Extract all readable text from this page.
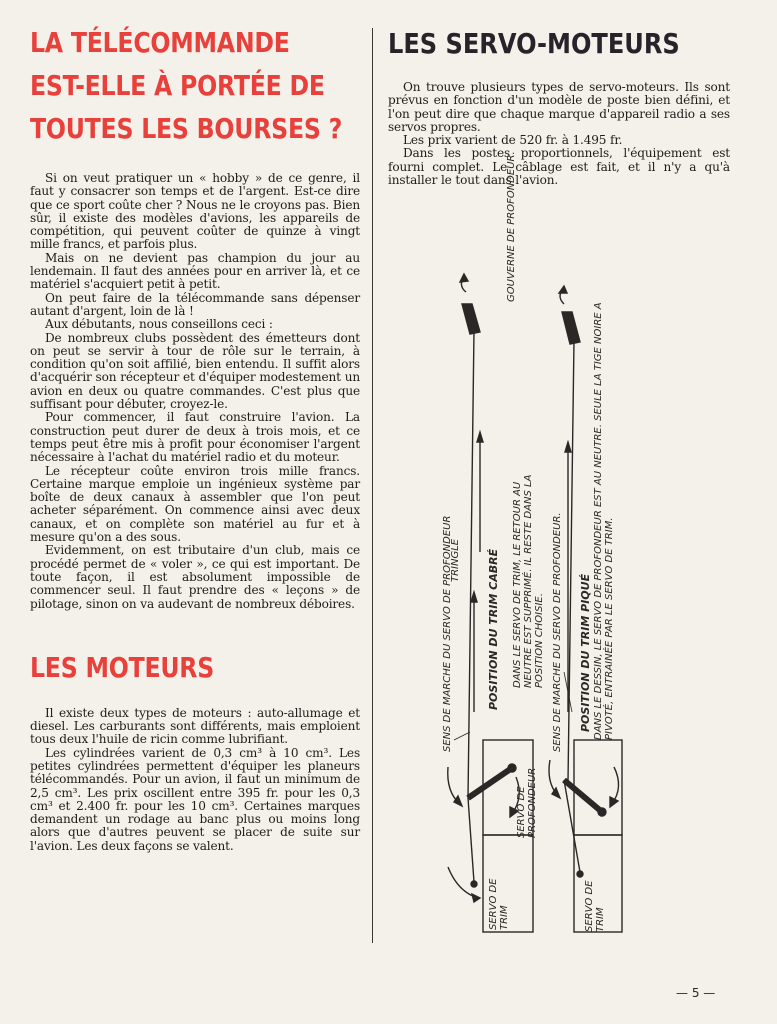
LA TÉLÉCOMMANDE
EST-ELLE À PORTÉE DE
TOUTES LES BOURSES ?

Si on veut pratiquer un « hobby » de ce genre, il faut y consacrer son temps et de l'argent. Est-ce dire que ce sport coûte cher ? Nous ne le croyons pas. Bien sûr, il existe des modèles d'avions, les appareils de compétition, qui peuvent coûter de quinze à vingt mille francs, et parfois plus.

Mais on ne devient pas champion du jour au lendemain. Il faut des années pour en arriver là, et ce matériel s'acquiert petit à petit.

On peut faire de la télécommande sans dépenser autant d'argent, loin de là !

Aux débutants, nous conseillons ceci :

De nombreux clubs possèdent des émetteurs dont on peut se servir à tour de rôle sur le terrain, à condition qu'on soit affilié, bien entendu. Il suffit alors d'acquérir son récepteur et d'équiper modestement un avion en deux ou quatre commandes. C'est plus que suffisant pour débuter, croyez-le.

Pour commencer, il faut construire l'avion. La construction peut durer de deux à trois mois, et ce temps peut être mis à profit pour économiser l'argent nécessaire à l'achat du matériel radio et du moteur.

Le récepteur coûte environ trois mille francs. Certaine marque emploie un ingénieux système par boîte de deux canaux à assembler que l'on peut acheter séparément. On commence ainsi avec deux canaux, et on complète son matériel au fur et à mesure qu'on a des sous.

Evidemment, on est tributaire d'un club, mais ce procédé permet de « voler », ce qui est important. De toute façon, il est absolument impossible de commencer seul. Il faut prendre des « leçons » de pilotage, sinon on va audevant de nombreux déboires.

LES MOTEURS

Il existe deux types de moteurs : auto-allumage et diesel. Les carburants sont différents, mais emploient tous deux l'huile de ricin comme lubrifiant.

Les cylindrées varient de 0,3 cm³ à 10 cm³. Les petites cylindrées permettent d'équiper les planeurs télécommandés. Pour un avion, il faut un minimum de 2,5 cm³. Les prix oscillent entre 395 fr. pour les 0,3 cm³ et 2.400 fr. pour les 10 cm³. Certaines marques demandent un rodage au banc plus ou moins long alors que d'autres peuvent se placer de suite sur l'avion. Les deux façons se valent.

LES SERVO-MOTEURS

On trouve plusieurs types de servo-moteurs. Ils sont prévus en fonction d'un modèle de poste bien défini, et l'on peut dire que chaque marque d'appareil radio a ses servos propres.

Les prix varient de 520 fr. à 1.495 fr.

Dans les postes proportionnels, l'équipement est fourni complet. Le câblage est fait, et il n'y a qu'à installer le tout dans l'avion.

GOUVERNE DE PROFONDEUR.
TRINGLE
SENS DE MARCHE DU SERVO DE PROFONDEUR	POSITION DU TRIM CABRÉ DANS LE SERVO DE TRIM, LE RETOUR AU NEUTRE EST SUPPRIMÉ. IL RESTE DANS LA POSITION CHOISIE. SENS DE MARCHE DU SERVO DE PROFONDEUR. POSITION DU TRIM PIQUÉ DANS LE DESSIN, LE SERVO DE PROFONDEUR EST AU NEUTRE. SEULE LA TIGE NOIRE A PIVOTÉ, ENTRAINÉE PAR LE SERVO DE TRIM.
SERVO DE PROFONDEUR
SERVO DE TRIM	SERVO DE TRIM
— 5 —
